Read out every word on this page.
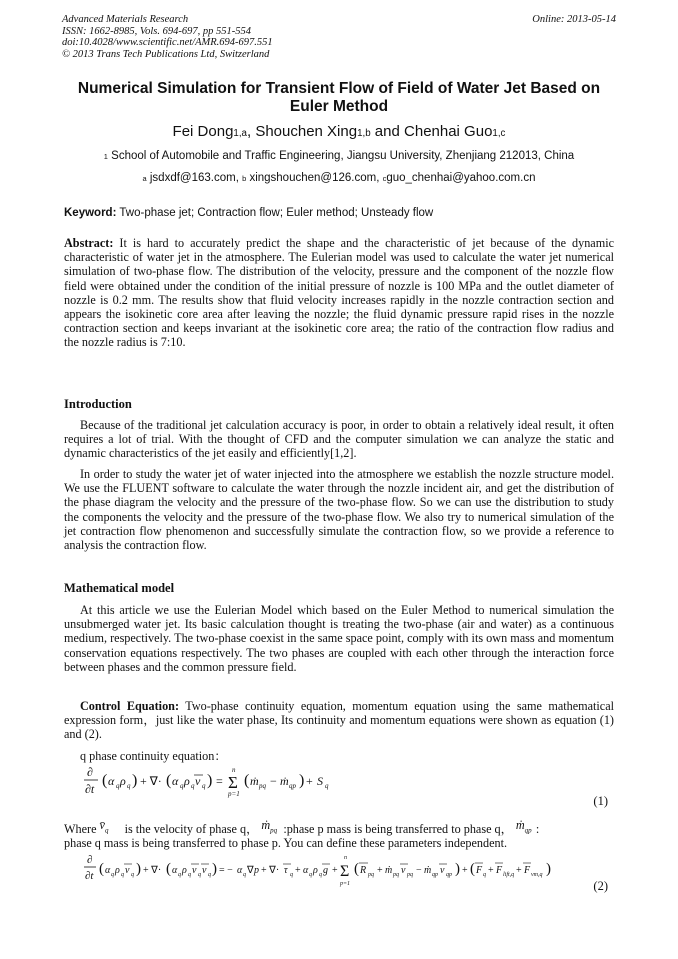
Advanced Materials Research
ISSN: 1662-8985, Vols. 694-697, pp 551-554
doi:10.4028/www.scientific.net/AMR.694-697.551
© 2013 Trans Tech Publications Ltd, Switzerland
Online: 2013-05-14
Numerical Simulation for Transient Flow of Field of Water Jet Based on Euler Method
Fei Dong$^{1,a}$, Shouchen Xing$^{1,b}$ and Chenhai Guo$^{1,c}$
$^1$ School of Automobile and Traffic Engineering, Jiangsu University, Zhenjiang 212013, China
$^a$ jsdxdf@163.com, $^b$ xingshouchen@126.com, $^c$guo_chenhai@yahoo.com.cn
Keyword: Two-phase jet; Contraction flow; Euler method; Unsteady flow
Abstract: It is hard to accurately predict the shape and the characteristic of jet because of the dynamic characteristic of water jet in the atmosphere. The Eulerian model was used to calculate the water jet numerical simulation of two-phase flow. The distribution of the velocity, pressure and the component of the nozzle flow field were obtained under the condition of the initial pressure of nozzle is 100 MPa and the outlet diameter of nozzle is 0.2 mm. The results show that fluid velocity increases rapidly in the nozzle contraction section and appears the isokinetic core area after leaving the nozzle; the fluid dynamic pressure rapid rises in the nozzle contraction section and keeps invariant at the isokinetic core area; the ratio of the contraction flow radius and the nozzle radius is 7:10.
Introduction
Because of the traditional jet calculation accuracy is poor, in order to obtain a relatively ideal result, it often requires a lot of trial. With the thought of CFD and the computer simulation we can analyze the static and dynamic characteristics of the jet easily and efficiently[1,2].
In order to study the water jet of water injected into the atmosphere we establish the nozzle structure model. We use the FLUENT software to calculate the water through the nozzle incident air, and get the distribution of the phase diagram the velocity and the pressure of the two-phase flow. So we can use the distribution to study the components the velocity and the pressure of the two-phase flow. We also try to numerical simulation of the jet contraction flow phenomenon and successfully simulate the contraction flow, so we provide a reference to analysis the contraction flow.
Mathematical model
At this article we use the Eulerian Model which based on the Euler Method to numerical simulation the unsubmerged water jet. Its basic calculation thought is treating the two-phase (air and water) as a continuous medium, respectively. The two-phase coexist in the same space point, comply with its own mass and momentum conservation equations respectively. The two phases are coupled with each other through the interaction force between phases and the common pressure field.
Control Equation: Two-phase continuity equation, momentum equation using the same mathematical expression form，just like the water phase, Its continuity and momentum equations were shown as equation (1) and (2).
q phase continuity equation：
∂
∂t ( α q ρ q ) + ∇· ( α q ρ q v q ) =
n
Σ
p=1
( ṁ pq − ṁ qp ) + S q
(1)
Where $v̄_q$ is the velocity of phase q， ṁ$_{pq}$ :phase p mass is being transferred to phase q， ṁ$_{qp}$ :
phase q mass is being transferred to phase p. You can define these parameters independent.
∂
∂t ( α q ρ q v q ) + ∇· ( α q ρ q v q v q ) = − α q ∇ p + ∇· τ q + α q ρ q g +
n
Σ
p=1
( R pq + ṁ pq v pq − ṁ qp v qp ) + ( F q + F lift,q + F vm,q )
(2)
